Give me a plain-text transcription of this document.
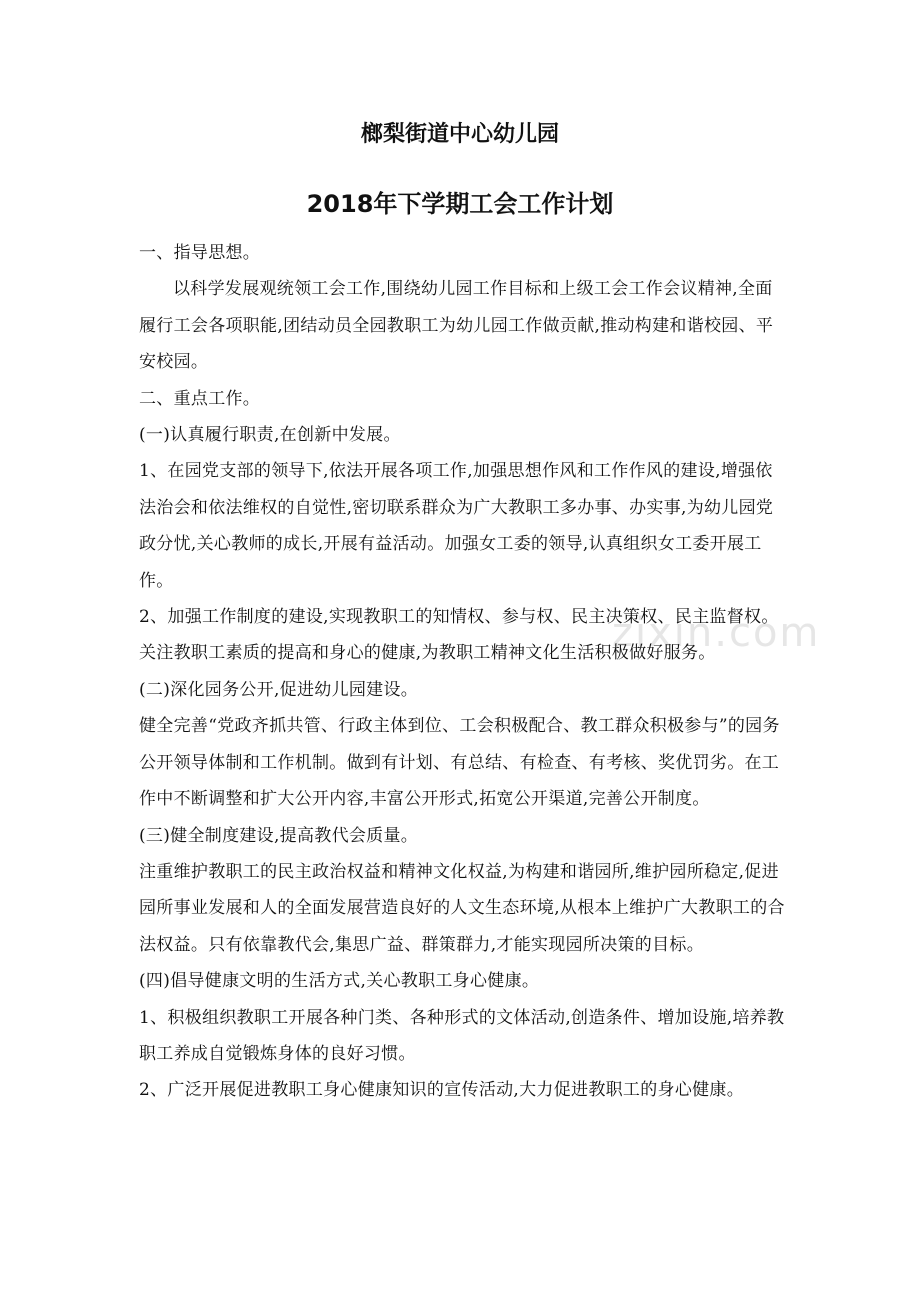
zixin.com
榔梨街道中心幼儿园
2018年下学期工会工作计划

一、指导思想。

以科学发展观统领工会工作,围绕幼儿园工作目标和上级工会工作会议精神,全面履行工会各项职能,团结动员全园教职工为幼儿园工作做贡献,推动构建和谐校园、平安校园。

二、重点工作。

(一)认真履行职责,在创新中发展。

1、在园党支部的领导下,依法开展各项工作,加强思想作风和工作作风的建设,增强依法治会和依法维权的自觉性,密切联系群众为广大教职工多办事、办实事,为幼儿园党政分忧,关心教师的成长,开展有益活动。加强女工委的领导,认真组织女工委开展工作。

2、加强工作制度的建设,实现教职工的知情权、参与权、民主决策权、民主监督权。关注教职工素质的提高和身心的健康,为教职工精神文化生活积极做好服务。

(二)深化园务公开,促进幼儿园建设。

健全完善“党政齐抓共管、行政主体到位、工会积极配合、教工群众积极参与”的园务公开领导体制和工作机制。做到有计划、有总结、有检查、有考核、奖优罚劣。在工作中不断调整和扩大公开内容,丰富公开形式,拓宽公开渠道,完善公开制度。

(三)健全制度建设,提高教代会质量。

注重维护教职工的民主政治权益和精神文化权益,为构建和谐园所,维护园所稳定,促进园所事业发展和人的全面发展营造良好的人文生态环境,从根本上维护广大教职工的合法权益。只有依靠教代会,集思广益、群策群力,才能实现园所决策的目标。

(四)倡导健康文明的生活方式,关心教职工身心健康。

1、积极组织教职工开展各种门类、各种形式的文体活动,创造条件、增加设施,培养教职工养成自觉锻炼身体的良好习惯。

2、广泛开展促进教职工身心健康知识的宣传活动,大力促进教职工的身心健康。
